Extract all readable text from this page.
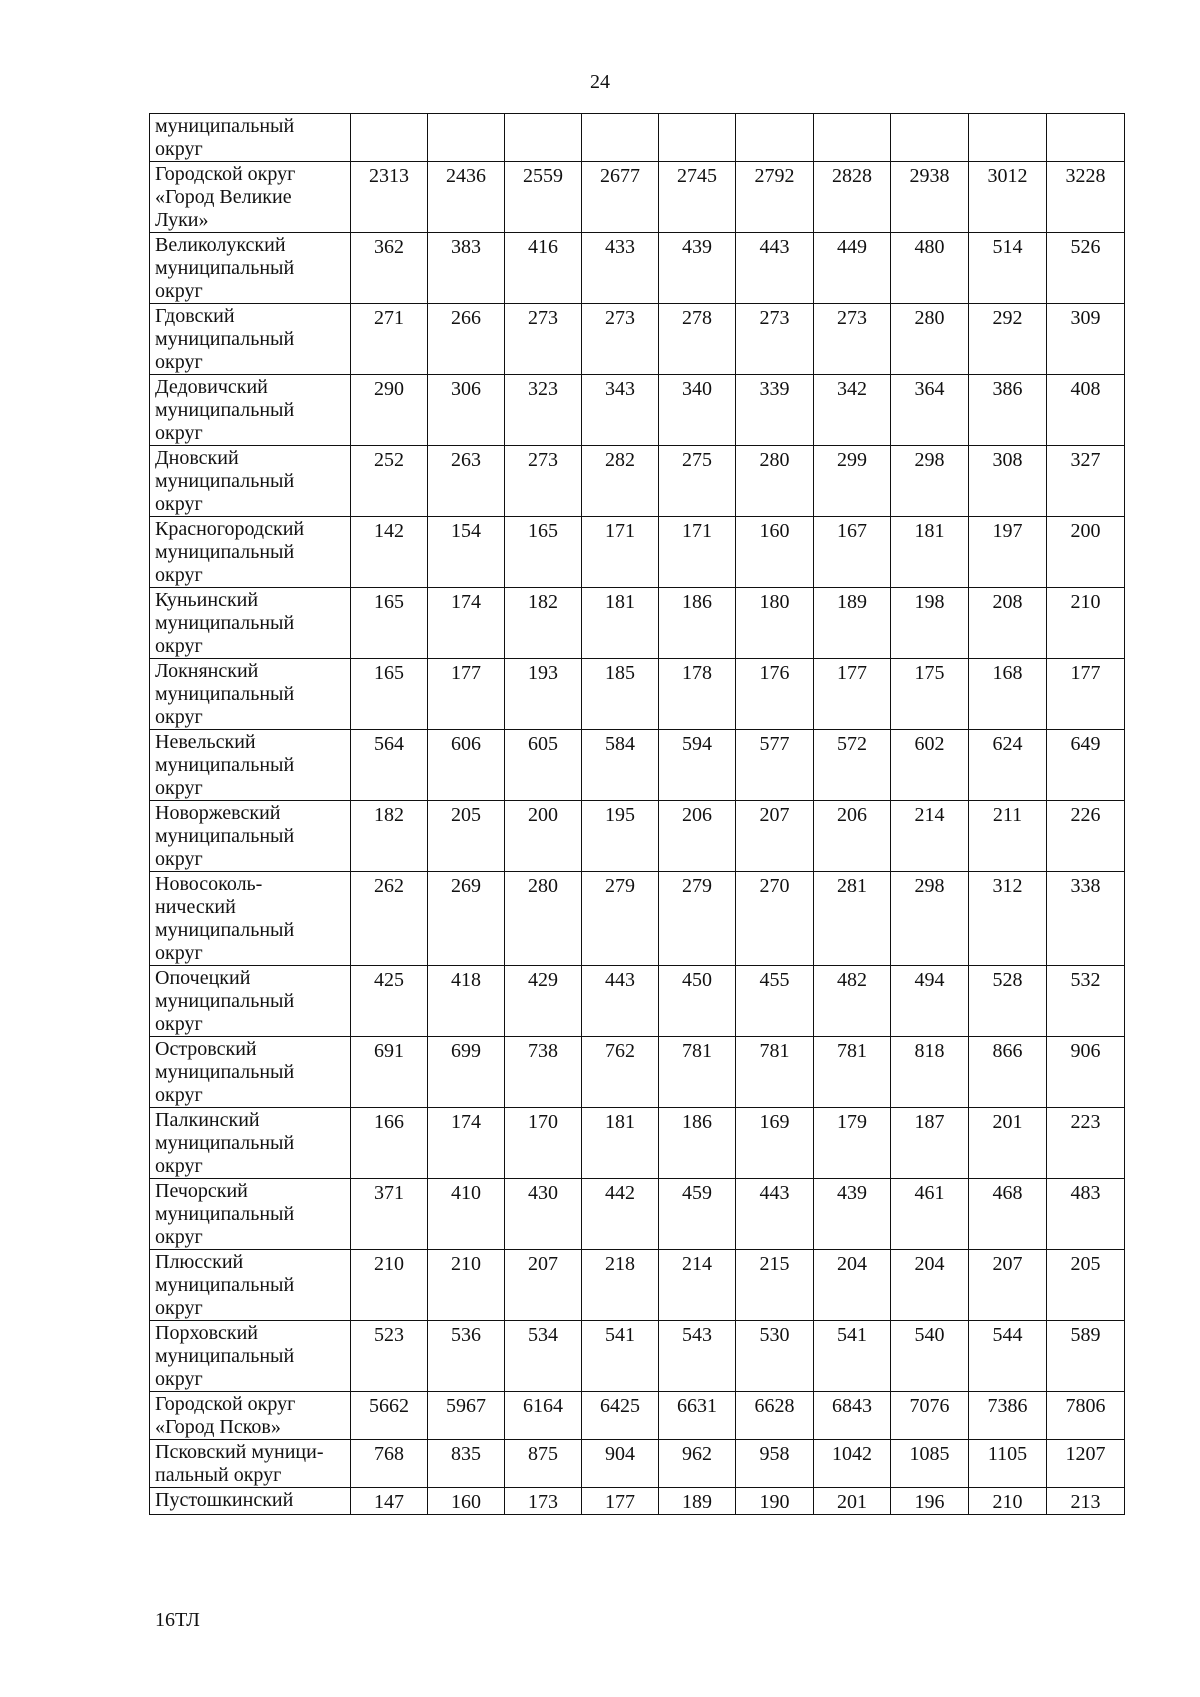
24
муниципальный
округ										
Городской округ
«Город Великие
Луки»	2313	2436	2559	2677	2745	2792	2828	2938	3012	3228
Великолукский
муниципальный
округ	362	383	416	433	439	443	449	480	514	526
Гдовский
муниципальный
округ	271	266	273	273	278	273	273	280	292	309
Дедовичский
муниципальный
округ	290	306	323	343	340	339	342	364	386	408
Дновский
муниципальный
округ	252	263	273	282	275	280	299	298	308	327
Красногородский
муниципальный
округ	142	154	165	171	171	160	167	181	197	200
Куньинский
муниципальный
округ	165	174	182	181	186	180	189	198	208	210
Локнянский
муниципальный
округ	165	177	193	185	178	176	177	175	168	177
Невельский
муниципальный
округ	564	606	605	584	594	577	572	602	624	649
Новоржевский
муниципальный
округ	182	205	200	195	206	207	206	214	211	226
Новосоколь-
нический
муниципальный
округ	262	269	280	279	279	270	281	298	312	338
Опочецкий
муниципальный
округ	425	418	429	443	450	455	482	494	528	532
Островский
муниципальный
округ	691	699	738	762	781	781	781	818	866	906
Палкинский
муниципальный
округ	166	174	170	181	186	169	179	187	201	223
Печорский
муниципальный
округ	371	410	430	442	459	443	439	461	468	483
Плюсский
муниципальный
округ	210	210	207	218	214	215	204	204	207	205
Порховский
муниципальный
округ	523	536	534	541	543	530	541	540	544	589
Городской округ
«Город Псков»	5662	5967	6164	6425	6631	6628	6843	7076	7386	7806
Псковский муници-
пальный округ	768	835	875	904	962	958	1042	1085	1105	1207
Пустошкинский	147	160	173	177	189	190	201	196	210	213
16ТЛ
